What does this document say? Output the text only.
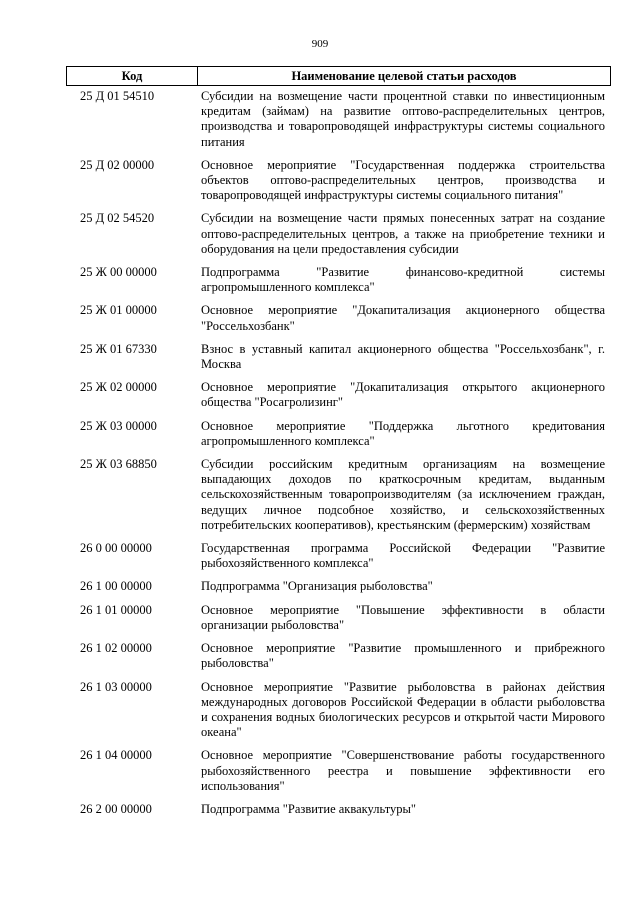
909
Код	Наименование целевой статьи расходов
25 Д 01 54510	Субсидии на возмещение части процентной ставки по инвестиционным кредитам (займам) на развитие оптово-распределительных центров, производства и товаропроводящей инфраструктуры системы социального питания
25 Д 02 00000	Основное мероприятие "Государственная поддержка строительства объектов оптово-распределительных центров, производства и товаропроводящей инфраструктуры системы социального питания"
25 Д 02 54520	Субсидии на возмещение части прямых понесенных затрат на создание оптово-распределительных центров, а также на приобретение техники и оборудования на цели предоставления субсидии
25 Ж 00 00000	Подпрограмма "Развитие финансово-кредитной системы агропромышленного комплекса"
25 Ж 01 00000	Основное мероприятие "Докапитализация акционерного общества "Россельхозбанк"
25 Ж 01 67330	Взнос в уставный капитал акционерного общества "Россельхозбанк", г. Москва
25 Ж 02 00000	Основное мероприятие "Докапитализация открытого акционерного общества "Росагролизинг"
25 Ж 03 00000	Основное мероприятие "Поддержка льготного кредитования агропромышленного комплекса"
25 Ж 03 68850	Субсидии российским кредитным организациям на возмещение выпадающих доходов по краткосрочным кредитам, выданным сельскохозяйственным товаропроизводителям (за исключением граждан, ведущих личное подсобное хозяйство, и сельскохозяйственных потребительских кооперативов), крестьянским (фермерским) хозяйствам
26 0 00 00000	Государственная программа Российской Федерации "Развитие рыбохозяйственного комплекса"
26 1 00 00000	Подпрограмма "Организация рыболовства"
26 1 01 00000	Основное мероприятие "Повышение эффективности в области организации рыболовства"
26 1 02 00000	Основное мероприятие "Развитие промышленного и прибрежного рыболовства"
26 1 03 00000	Основное мероприятие "Развитие рыболовства в районах действия международных договоров Российской Федерации в области рыболовства и сохранения водных биологических ресурсов и открытой части Мирового океана"
26 1 04 00000	Основное мероприятие "Совершенствование работы государственного рыбохозяйственного реестра и повышение эффективности его использования"
26 2 00 00000	Подпрограмма "Развитие аквакультуры"
